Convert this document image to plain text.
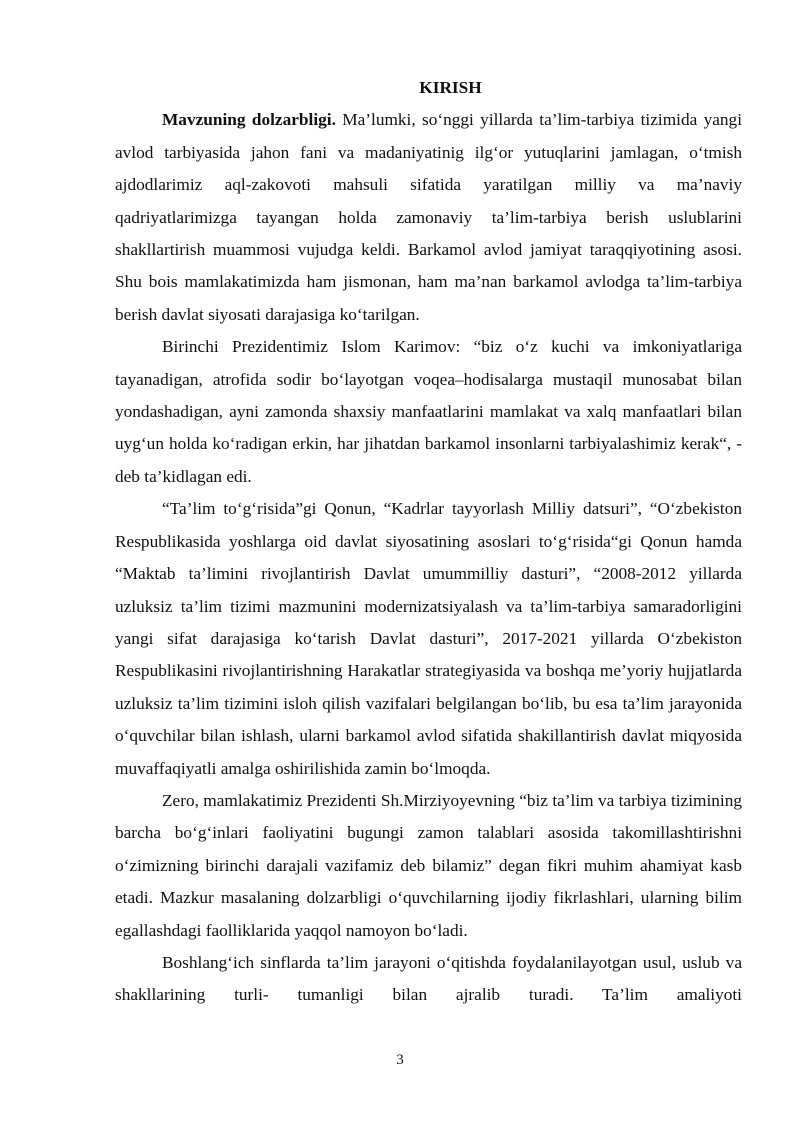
KIRISH

Mavzuning dolzarbligi. Ma’lumki, so‘nggi yillarda ta’lim-tarbiya tizimida yangi avlod tarbiyasida jahon fani va madaniyatinig ilg‘or yutuqlarini jamlagan, o‘tmish ajdodlarimiz aql-zakovoti mahsuli sifatida yaratilgan milliy va ma’naviy qadriyatlarimizga tayangan holda zamonaviy ta’lim-tarbiya berish uslublarini shakllartirish muammosi vujudga keldi. Barkamol avlod jamiyat taraqqiyotining asosi. Shu bois mamlakatimizda ham jismonan, ham ma’nan barkamol avlodga ta’lim-tarbiya berish davlat siyosati darajasiga ko‘tarilgan.

Birinchi Prezidentimiz Islom Karimov: “biz o‘z kuchi va imkoniyatlariga tayanadigan, atrofida sodir bo‘layotgan voqea–hodisalarga mustaqil munosabat bilan yondashadigan, ayni zamonda shaxsiy manfaatlarini mamlakat va xalq manfaatlari bilan uyg‘un holda ko‘radigan erkin, har jihatdan barkamol insonlarni tarbiyalashimiz kerak“, - deb ta’kidlagan edi.

“Ta’lim to‘g‘risida”gi Qonun, “Kadrlar tayyorlash Milliy datsuri”, “O‘zbekiston Respublikasida yoshlarga oid davlat siyosatining asoslari to‘g‘risida“gi Qonun hamda “Maktab ta’limini rivojlantirish Davlat umummilliy dasturi”, “2008-2012 yillarda uzluksiz ta’lim tizimi mazmunini modernizatsiyalash va ta’lim-tarbiya samaradorligini yangi sifat darajasiga ko‘tarish Davlat dasturi”, 2017-2021 yillarda O‘zbekiston Respublikasini rivojlantirishning Harakatlar strategiyasida va boshqa me’yoriy hujjatlarda uzluksiz ta’lim tizimini isloh qilish vazifalari belgilangan bo‘lib, bu esa ta’lim jarayonida o‘quvchilar bilan ishlash, ularni barkamol avlod sifatida shakillantirish davlat miqyosida muvaffaqiyatli amalga oshirilishida zamin bo‘lmoqda.

Zero, mamlakatimiz Prezidenti Sh.Mirziyoyevning “biz ta’lim va tarbiya tizimining barcha bo‘g‘inlari faoliyatini bugungi zamon talablari asosida takomillashtirishni o‘zimizning birinchi darajali vazifamiz deb bilamiz” degan fikri muhim ahamiyat kasb etadi. Mazkur masalaning dolzarbligi o‘quvchilarning ijodiy fikrlashlari, ularning bilim egallashdagi faolliklarida yaqqol namoyon bo‘ladi.

Boshlang‘ich sinflarda ta’lim jarayoni o‘qitishda foydalanilayotgan usul, uslub va shakllarining turli- tumanligi bilan ajralib turadi. Ta’lim amaliyoti

3
